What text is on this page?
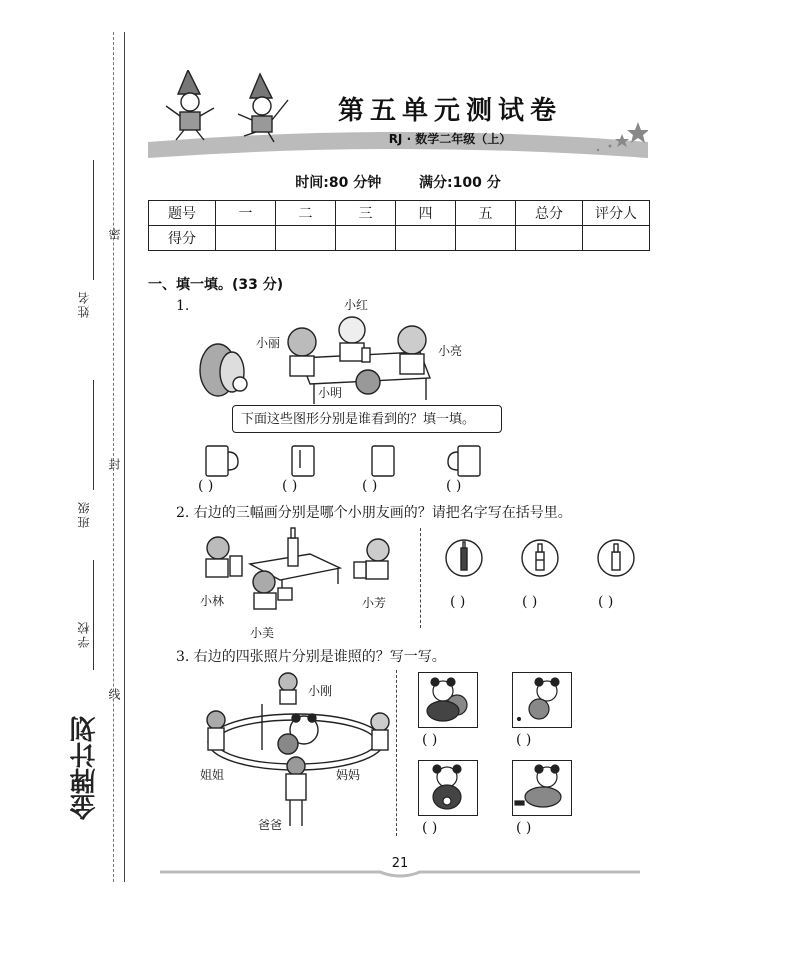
密
封
线
姓名
班级
学校
金牌计划
第五单元测试卷
RJ · 数学二年级（上）
时间:80 分钟	满分:100 分
题号	一	二	三	四	五	总分	评分人
得分							
一、填一填。(33 分)
1.	小红
小丽
小亮
小明
下面这些图形分别是谁看到的？填一填。
( )	( )	( )	( )
2. 右边的三幅画分别是哪个小朋友画的？请把名字写在括号里。
小林
小美
小芳	( )	( )	( )
3. 右边的四张照片分别是谁照的？写一写。
小刚
姐姐	妈妈
爸爸
( )	( )
( )	( )
21
